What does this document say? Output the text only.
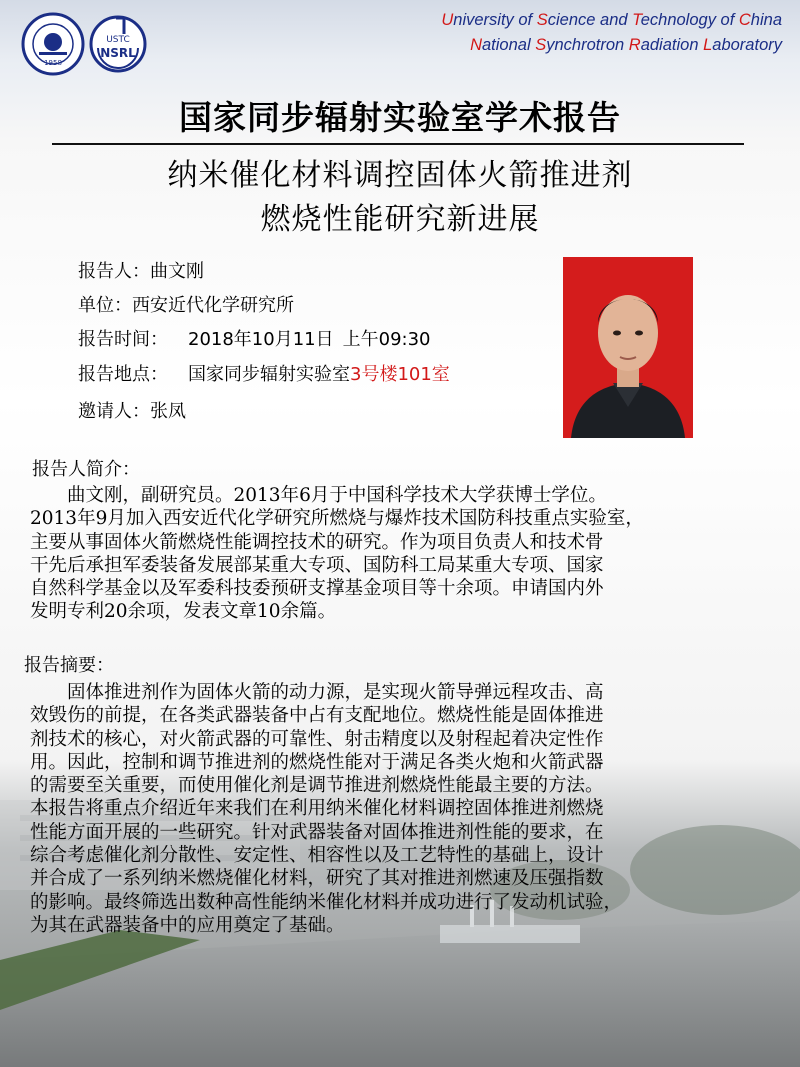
1958
USTC
NSRL
University of Science and Technology of China
National Synchrotron Radiation Laboratory
国家同步辐射实验室学术报告
纳米催化材料调控固体火箭推进剂
燃烧性能研究新进展
报告人：曲文刚
单位：西安近代化学研究所
报告时间： 2018年10月11日 上午09:30
报告地点： 国家同步辐射实验室3号楼101室
邀请人：张凤
报告人简介：
　　曲文刚，副研究员。2013年6月于中国科学技术大学获博士学位。
2013年9月加入西安近代化学研究所燃烧与爆炸技术国防科技重点实验室，
主要从事固体火箭燃烧性能调控技术的研究。作为项目负责人和技术骨
干先后承担军委装备发展部某重大专项、国防科工局某重大专项、国家
自然科学基金以及军委科技委预研支撑基金项目等十余项。申请国内外
发明专利20余项，发表文章10余篇。
报告摘要：
　　固体推进剂作为固体火箭的动力源，是实现火箭导弹远程攻击、高
效毁伤的前提，在各类武器装备中占有支配地位。燃烧性能是固体推进
剂技术的核心，对火箭武器的可靠性、射击精度以及射程起着决定性作
用。因此，控制和调节推进剂的燃烧性能对于满足各类火炮和火箭武器
的需要至关重要，而使用催化剂是调节推进剂燃烧性能最主要的方法。
本报告将重点介绍近年来我们在利用纳米催化材料调控固体推进剂燃烧
性能方面开展的一些研究。针对武器装备对固体推进剂性能的要求，在
综合考虑催化剂分散性、安定性、相容性以及工艺特性的基础上，设计
并合成了一系列纳米燃烧催化材料，研究了其对推进剂燃速及压强指数
的影响。最终筛选出数种高性能纳米催化材料并成功进行了发动机试验，
为其在武器装备中的应用奠定了基础。
